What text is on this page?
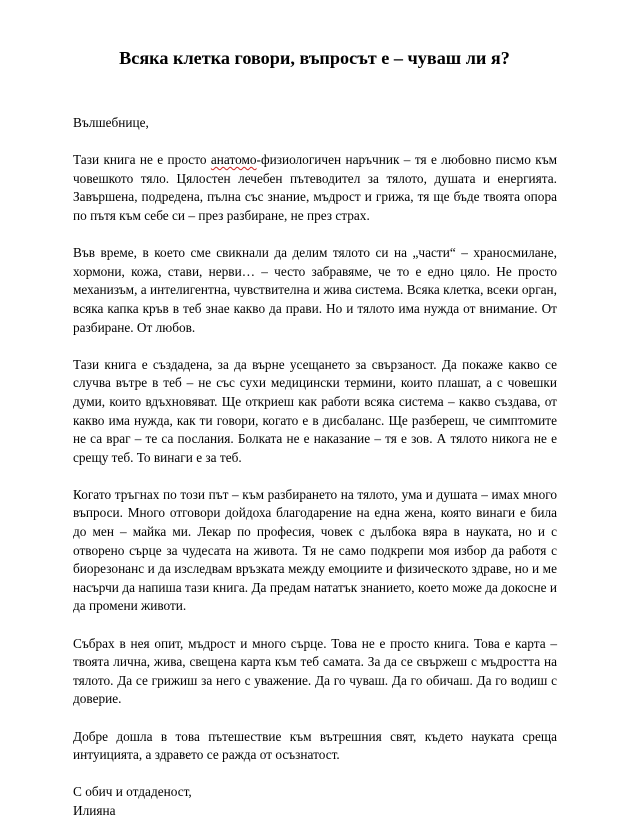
Всяка клетка говори, въпросът е – чуваш ли я?

Вълшебнице,

Тази книга не е просто анатомо-физиологичен наръчник – тя е любовно писмо към човешкото тяло. Цялостен лечебен пътеводител за тялото, душата и енергията. Завършена, подредена, пълна със знание, мъдрост и грижа, тя ще бъде твоята опора по пътя към себе си – през разбиране, не през страх.

Във време, в което сме свикнали да делим тялото си на „части“ – храносмилане, хормони, кожа, стави, нерви… – често забравяме, че то е едно цяло. Не просто механизъм, а интелигентна, чувствителна и жива система. Всяка клетка, всеки орган, всяка капка кръв в теб знае какво да прави. Но и тялото има нужда от внимание. От разбиране. От любов.

Тази книга е създадена, за да върне усещането за свързаност. Да покаже какво се случва вътре в теб – не със сухи медицински термини, които плашат, а с човешки думи, които вдъхновяват. Ще откриеш как работи всяка система – какво създава, от какво има нужда, как ти говори, когато е в дисбаланс. Ще разбереш, че симптомите не са враг – те са послания. Болката не е наказание – тя е зов. А тялото никога не е срещу теб. То винаги е за теб.

Когато тръгнах по този път – към разбирането на тялото, ума и душата – имах много въпроси. Много отговори дойдоха благодарение на една жена, която винаги е била до мен – майка ми. Лекар по професия, човек с дълбока вяра в науката, но и с отворено сърце за чудесата на живота. Тя не само подкрепи моя избор да работя с биорезонанс и да изследвам връзката между емоциите и физическото здраве, но и ме насърчи да напиша тази книга. Да предам нататък знанието, което може да докосне и да промени животи.

Събрах в нея опит, мъдрост и много сърце. Това не е просто книга. Това е карта – твоята лична, жива, свещена карта към теб самата. За да се свържеш с мъдростта на тялото. Да се грижиш за него с уважение. Да го чуваш. Да го обичаш. Да го водиш с доверие.

Добре дошла в това пътешествие към вътрешния свят, където науката среща интуицията, а здравето се ражда от осъзнатост.

С обич и отдаденост,

Илияна
